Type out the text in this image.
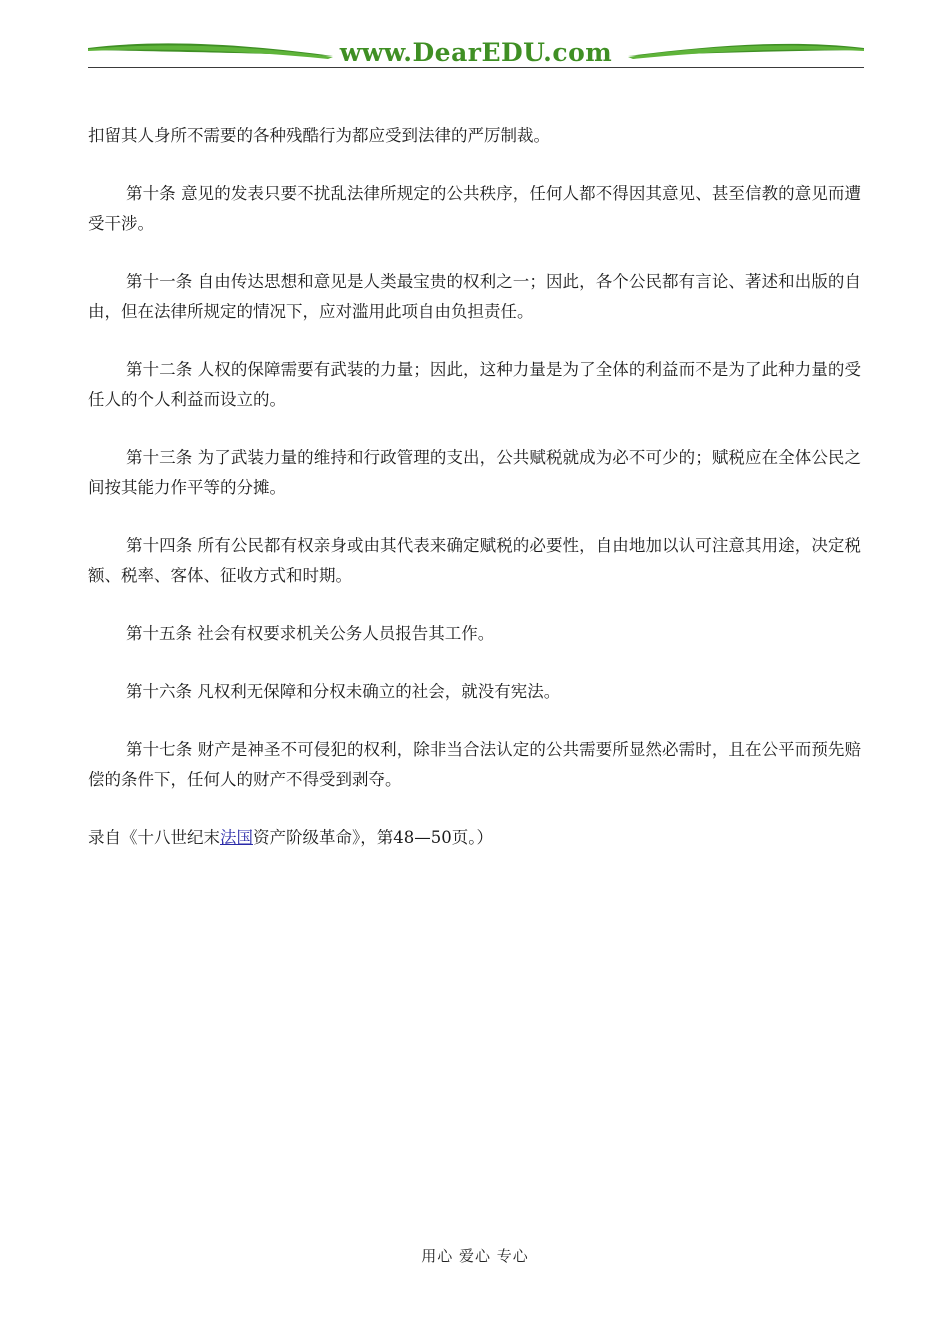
www.DearEDU.com

扣留其人身所不需要的各种残酷行为都应受到法律的严厉制裁。

第十条 意见的发表只要不扰乱法律所规定的公共秩序，任何人都不得因其意见、甚至信教的意见而遭受干涉。

第十一条 自由传达思想和意见是人类最宝贵的权利之一；因此，各个公民都有言论、著述和出版的自由，但在法律所规定的情况下，应对滥用此项自由负担责任。

第十二条 人权的保障需要有武装的力量；因此，这种力量是为了全体的利益而不是为了此种力量的受任人的个人利益而设立的。

第十三条 为了武装力量的维持和行政管理的支出，公共赋税就成为必不可少的；赋税应在全体公民之间按其能力作平等的分摊。

第十四条 所有公民都有权亲身或由其代表来确定赋税的必要性，自由地加以认可注意其用途，决定税额、税率、客体、征收方式和时期。

第十五条 社会有权要求机关公务人员报告其工作。

第十六条 凡权利无保障和分权未确立的社会，就没有宪法。

第十七条 财产是神圣不可侵犯的权利，除非当合法认定的公共需要所显然必需时，且在公平而预先赔偿的条件下，任何人的财产不得受到剥夺。

录自《十八世纪末法国资产阶级革命》，第48—50页。）

用心 爱心 专心
